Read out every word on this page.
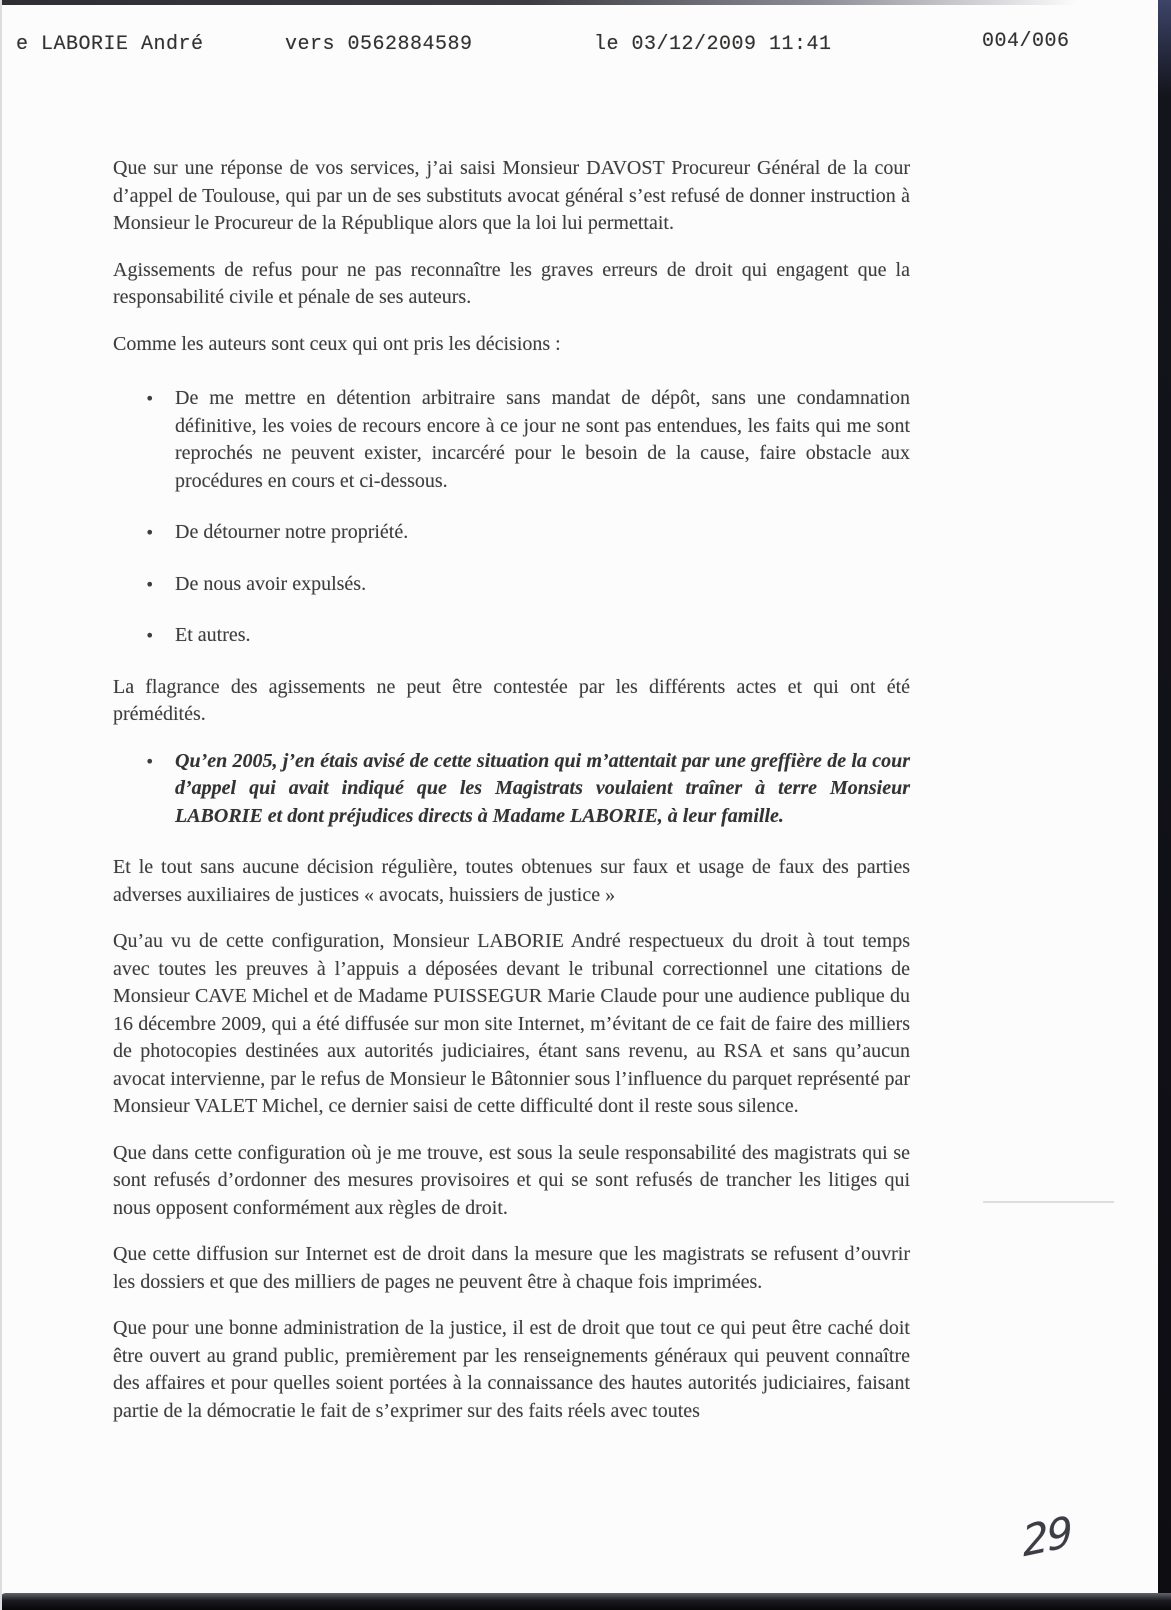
e LABORIE André	vers 0562884589	le 03/12/2009 11:41	004/006

Que sur une réponse de vos services, j’ai saisi Monsieur DAVOST Procureur Général de la cour d’appel de Toulouse, qui par un de ses substituts avocat général s’est refusé de donner instruction à Monsieur le Procureur de la République alors que la loi lui permettait.

Agissements de refus pour ne pas reconnaître les graves erreurs de droit qui engagent que la responsabilité civile et pénale de ses auteurs.

Comme les auteurs sont ceux qui ont pris les décisions :

• De me mettre en détention arbitraire sans mandat de dépôt, sans une condamnation définitive, les voies de recours encore à ce jour ne sont pas entendues, les faits qui me sont reprochés ne peuvent exister, incarcéré pour le besoin de la cause, faire obstacle aux procédures en cours et ci-dessous.
• De détourner notre propriété.
• De nous avoir expulsés.
• Et autres.

La flagrance des agissements ne peut être contestée par les différents actes et qui ont été prémédités.

• Qu’en 2005, j’en étais avisé de cette situation qui m’attentait par une greffière de la cour d’appel qui avait indiqué que les Magistrats voulaient traîner à terre Monsieur LABORIE et dont préjudices directs à Madame LABORIE, à leur famille.

Et le tout sans aucune décision régulière, toutes obtenues sur faux et usage de faux des parties adverses auxiliaires de justices « avocats, huissiers de justice »

Qu’au vu de cette configuration, Monsieur LABORIE André respectueux du droit à tout temps avec toutes les preuves à l’appuis a déposées devant le tribunal correctionnel une citations de Monsieur CAVE Michel et de Madame PUISSEGUR Marie Claude pour une audience publique du 16 décembre 2009, qui a été diffusée sur mon site Internet, m’évitant de ce fait de faire des milliers de photocopies destinées aux autorités judiciaires, étant sans revenu, au RSA et sans qu’aucun avocat intervienne, par le refus de Monsieur le Bâtonnier sous l’influence du parquet représenté par Monsieur VALET Michel, ce dernier saisi de cette difficulté dont il reste sous silence.

Que dans cette configuration où je me trouve, est sous la seule responsabilité des magistrats qui se sont refusés d’ordonner des mesures provisoires et qui se sont refusés de trancher les litiges qui nous opposent conformément aux règles de droit.

Que cette diffusion sur Internet est de droit dans la mesure que les magistrats se refusent d’ouvrir les dossiers et que des milliers de pages ne peuvent être à chaque fois imprimées.

Que pour une bonne administration de la justice, il est de droit que tout ce qui peut être caché doit être ouvert au grand public, premièrement par les renseignements généraux qui peuvent connaître des affaires et pour quelles soient portées à la connaissance des hautes autorités judiciaires, faisant partie de la démocratie le fait de s’exprimer sur des faits réels avec toutes

29
